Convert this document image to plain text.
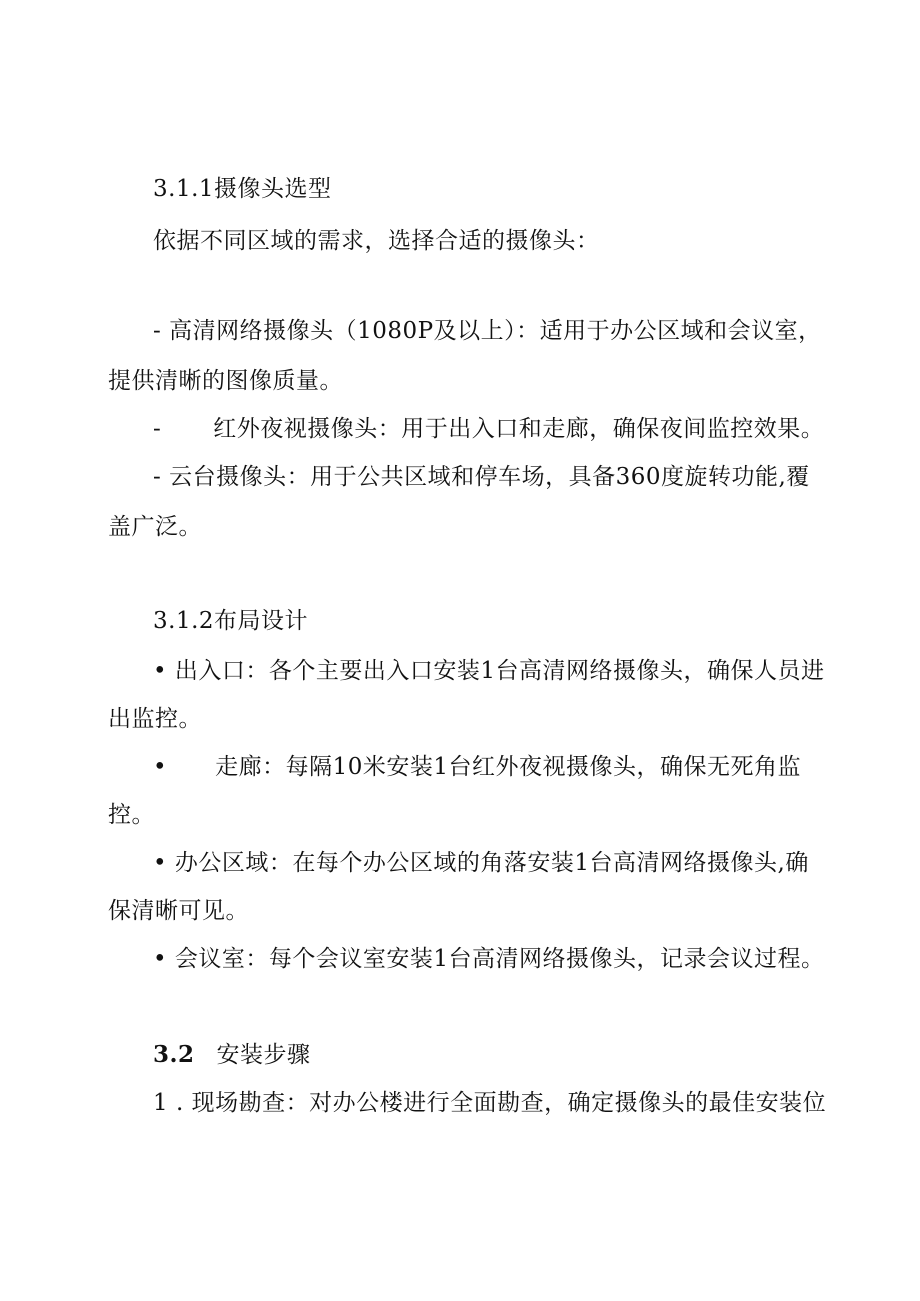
3.1.1摄像头选型
依据不同区域的需求，选择合适的摄像头：
- 高清网络摄像头（1080P及以上）：适用于办公区域和会议室，
提供清晰的图像质量。
- 红外夜视摄像头：用于出入口和走廊，确保夜间监控效果。
- 云台摄像头：用于公共区域和停车场，具备360度旋转功能,覆
盖广泛。
3.1.2布局设计
• 出入口：各个主要出入口安装1台高清网络摄像头，确保人员进
出监控。
• 走廊：每隔10米安装1台红外夜视摄像头，确保无死角监
控。
• 办公区域：在每个办公区域的角落安装1台高清网络摄像头,确
保清晰可见。
• 会议室：每个会议室安装1台高清网络摄像头，记录会议过程。
3.2 安装步骤
1 . 现场勘查：对办公楼进行全面勘查，确定摄像头的最佳安装位
